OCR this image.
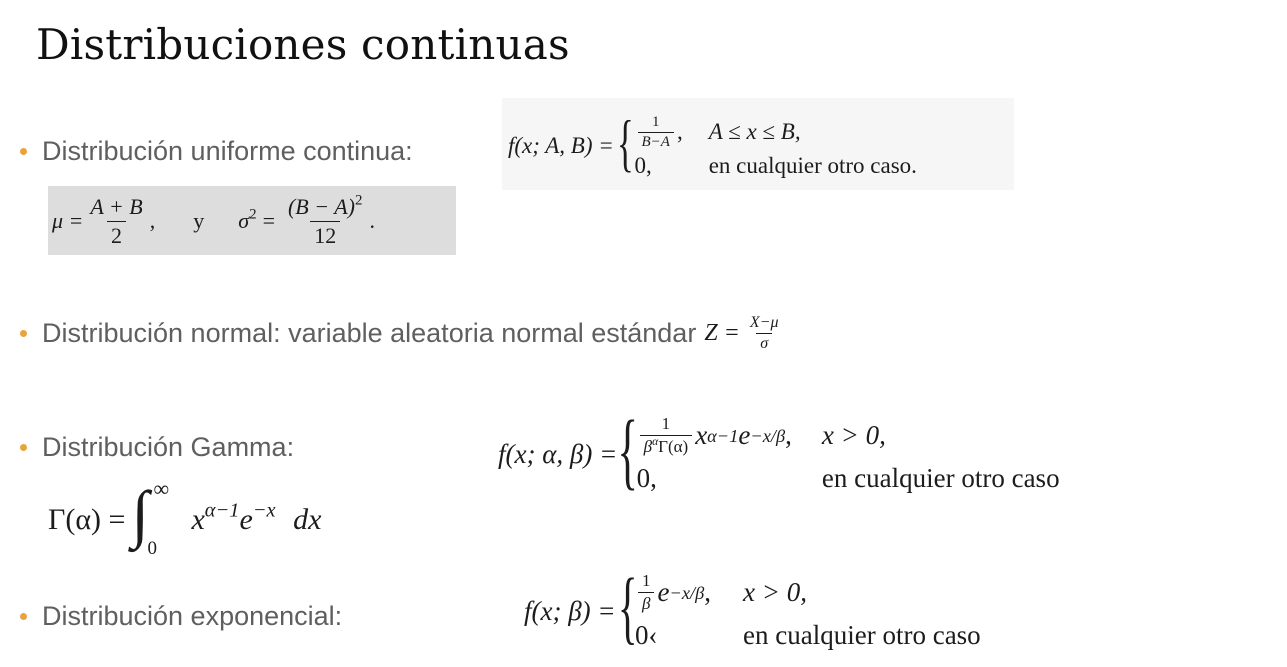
Distribuciones continuas
Distribución uniforme continua:	f(x; A, B) = { $\frac{1}{B-A}$ , A ≤ x ≤ B,
0,	en cualquier otro caso.
$\mu = \frac{A + B}{2}$ , y $\sigma^2 = \frac{(B - A)^2}{12}$ .
Distribución normal: variable aleatoria normal estándar $Z = \frac{X-\mu}{\sigma}$
Distribución Gamma:
Γ(α) = ∫ ∞
0
$x^{\alpha-1}e^{-x}$ dx
f(x; α, β) = { $\frac{1}{\beta^\alpha\Gamma(\alpha)}$ x α−1 e −x/β , x > 0,
0,	en cualquier otro caso
Distribución exponencial:	f(x; β) = { $\frac{1}{\beta}$ e −x/β , x > 0,
0‹	en cualquier otro caso
